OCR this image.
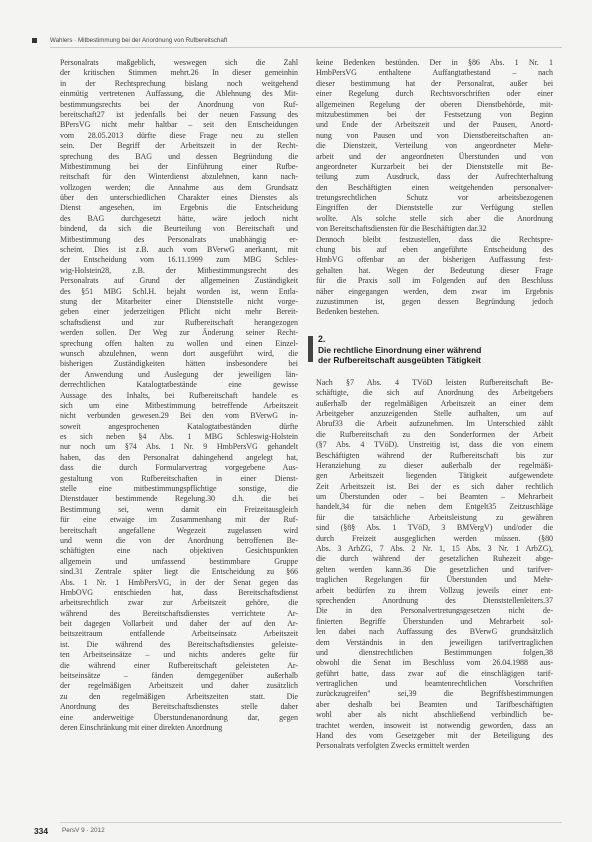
Wahlers · Mitbestimmung bei der Anordnung von Rufbereitschaft
Personalrats maßgeblich, weswegen sich die Zahl
der kritischen Stimmen mehrt.26 In dieser gemeinhin
in der Rechtsprechung bislang noch weitgehend
einmütig vertretenen Auffassung, die Ablehnung des Mit-
bestimmungsrechts bei der Anordnung von Ruf-
bereitschaft27 ist jedenfalls bei der neuen Fassung des
BPersVG nicht mehr haltbar – seit den Entscheidungen
vom 28.05.2013 dürfte diese Frage neu zu stellen
sein. Der Begriff der Arbeitszeit in der Recht-
sprechung des BAG und dessen Begründung die
Mitbestimmung bei der Einführung einer Rufbe-
reitschaft für den Winterdienst abzulehnen, kann nach-
vollzogen werden; die Annahme aus dem Grundsatz
über den unterschiedlichen Charakter eines Dienstes als
Dienst angesehen, im Ergebnis die Entscheidung
des BAG durchgesetzt hätte, wäre jedoch nicht
bindend, da sich die Beurteilung von Bereitschaft und
Mitbestimmung des Personalrats unabhängig er-
scheint. Dies ist z.B. auch vom BVerwG anerkannt, mit
der Entscheidung vom 16.11.1999 zum MBG Schles-
wig-Holstein28, z.B. der Mitbestimmungsrecht des
Personalrats auf Grund der allgemeinen Zuständigkeit
des §51 MBG Schl.H. bejaht worden ist, wenn Entla-
stung der Mitarbeiter einer Dienststelle nicht vorge-
geben einer jederzeitigen Pflicht nicht mehr Bereit-
schaftsdienst und zur Rufbereitschaft herangezogen
werden sollen. Der Weg zur Änderung seiner Recht-
sprechung offen halten zu wollen und einen Einzel-
wunsch abzulehnen, wenn dort ausgeführt wird, die
bisherigen Zuständigkeiten hätten insbesondere bei
der Anwendung und Auslegung der jeweiligen län-
derrechtlichen Katalogtatbestände eine gewisse
Aussage des Inhalts, bei Rufbereitschaft handele es
sich um eine Mitbestimmung betreffende Arbeitszeit
nicht verbunden gewesen.29 Bei den vom BVerwG in-
soweit angesprochenen Katalogtatbeständen dürfte
es sich neben §4 Abs. 1 MBG Schleswig-Holstein
nur noch um §74 Abs. 1 Nr. 9 HmbPersVG gehandelt
haben, das den Personalrat dahingehend angelegt hat,
dass die durch Formularvertrag vorgegebene Aus-
gestaltung von Rufbereitschaften in einer Dienst-
stelle eine mitbestimmungspflichtige sonstige, die
Dienstdauer bestimmende Regelung.30 d.h. die bei
Bestimmung sei, wenn damit ein Freizeitausgleich
für eine etwaige im Zusammenhang mit der Ruf-
bereitschaft angefallene Wegezeit zugelassen wird
und wenn die von der Anordnung betroffenen Be-
schäftigten eine nach objektiven Gesichtspunkten
allgemein und umfassend bestimmbare Gruppe
sind.31 Zentrale später liegt die Entscheidung zu §66
Abs. 1 Nr. 1 HmbPersVG, in der der Senat gegen das
HmbOVG entschieden hat, dass Bereitschaftsdienst
arbeitsrechtlich zwar zur Arbeitszeit gehöre, die
während des Bereitschaftsdienstes verrichtete Ar-
beit dagegen Vollarbeit und daher der auf den Ar-
beitszeitraum entfallende Arbeitseinsatz Arbeitszeit
ist. Die während des Bereitschaftsdienstes geleiste-
ten Arbeitseinsätze – und nichts anderes gelte für
die während einer Rufbereitschaft geleisteten Ar-
beitseinsätze – fänden demgegenüber außerhalb
der regelmäßigen Arbeitszeit und daher zusätzlich
zu den regelmäßigen Arbeitszeiten statt. Die
Anordnung des Bereitschaftsdienstes stelle daher
eine anderweitige Überstundenanordnung dar, gegen
deren Einschränkung mit einer direkten Anordnung
keine Bedenken bestünden. Der in §86 Abs. 1 Nr. 1
HmbPersVG enthaltene Auffangtatbestand – nach
dieser bestimmung hat der Personalrat, außer bei
einer Regelung durch Rechtsvorschriften oder einer
allgemeinen Regelung der oberen Dienstbehörde, mit-
mitzubestimmen bei der Festsetzung von Beginn
und Ende der Arbeitszeit und der Pausen, Anord-
nung von Pausen und von Dienstbereitschaften an-
die Dienstzeit, Verteilung von angeordneter Mehr-
arbeit und der angeordneten Überstunden und von
angeordneter Kurzarbeit bei der Dienststelle mit Be-
teilung zum Ausdruck, dass der Aufrechterhaltung
den Beschäftigten einen weitgehenden personalver-
tretungsrechtlichen Schutz vor arbeitsbezogenen
Eingriffen der Dienststelle zur Verfügung stellen
wollte. Als solche stelle sich aber die Anordnung
von Bereitschaftsdiensten für die Beschäftigten dar.32
Dennoch bleibt festzustellen, dass die Rechtspre-
chung bis auf eben angeführte Entscheidung des
HmbVG offenbar an der bisherigen Auffassung fest-
gehalten hat. Wegen der Bedeutung dieser Frage
für die Praxis soll im Folgenden auf den Beschluss
näher eingegangen werden, dem zwar im Ergebnis
zuzustimmen ist, gegen dessen Begründung jedoch
Bedenken bestehen.
2.
Die rechtliche Einordnung einer während
der Rufbereitschaft ausgeübten Tätigkeit
Nach §7 Abs. 4 TVöD leisten Rufbereitschaft Be-
schäftigte, die sich auf Anordnung des Arbeitgebers
außerhalb der regelmäßigen Arbeitszeit an einer dem
Arbeitgeber anzuzeigenden Stelle aufhalten, um auf
Abruf33 die Arbeit aufzunehmen. Im Unterschied zählt
die Rufbereitschaft zu den Sonderformen der Arbeit
(§7 Abs. 4 TVöD). Unstreitig ist, dass die von einem
Beschäftigten während der Rufbereitschaft bis zur
Heranziehung zu dieser außerhalb der regelmäßi-
gen Arbeitszeit liegenden Tätigkeit aufgewendete
Zeit Arbeitszeit ist. Bei der es sich daher rechtlich
um Überstunden oder – bei Beamten – Mehrarbeit
handelt,34 für die neben dem Entgelt35 Zeitzuschläge
für die tatsächliche Arbeitsleistung zu gewähren
sind (§8§ Abs. 1 TVöD, 3 BMVergV) und/oder die
durch Freizeit ausgeglichen werden müssen. (§80
Abs. 3 ArbZG, 7 Abs. 2 Nr. 1, 15 Abs. 3 Nr. 1 ArbZG),
die durch während der gesetzlichen Ruhezeit abge-
gelten werden kann.36 Die gesetzlichen und tarifver-
traglichen Regelungen für Überstunden und Mehr-
arbeit bedürfen zu ihrem Vollzug jeweils einer ent-
sprechenden Anordnung des Dienststellenleiters.37
Die in den Personalvertretungsgesetzen nicht de-
finierten Begriffe Überstunden und Mehrarbeit sol-
len dabei nach Auffassung des BVerwG grundsätzlich
dem Verständnis in den jeweiligen tarifvertraglichen
und dienstrechtlichen Bestimmungen folgen,38
obwohl die Senat im Beschluss vom 26.04.1988 aus-
geführt hatte, dass zwar auf die einschlägigen tarif-
vertraglichen und beamtenrechtlichen Vorschriften
zurückzugreifen" sei,39 die Begriffsbestimmungen
aber deshalb bei Beamten und Tarifbeschäftigten
wohl aber als nicht abschließend verbindlich be-
trachtet werden, insoweit ist notwendig geworden, dass an
Hand des vom Gesetzgeber mit der Beteiligung des
Personalrats verfolgten Zwecks ermittelt werden
334 PersV 9 · 2012
